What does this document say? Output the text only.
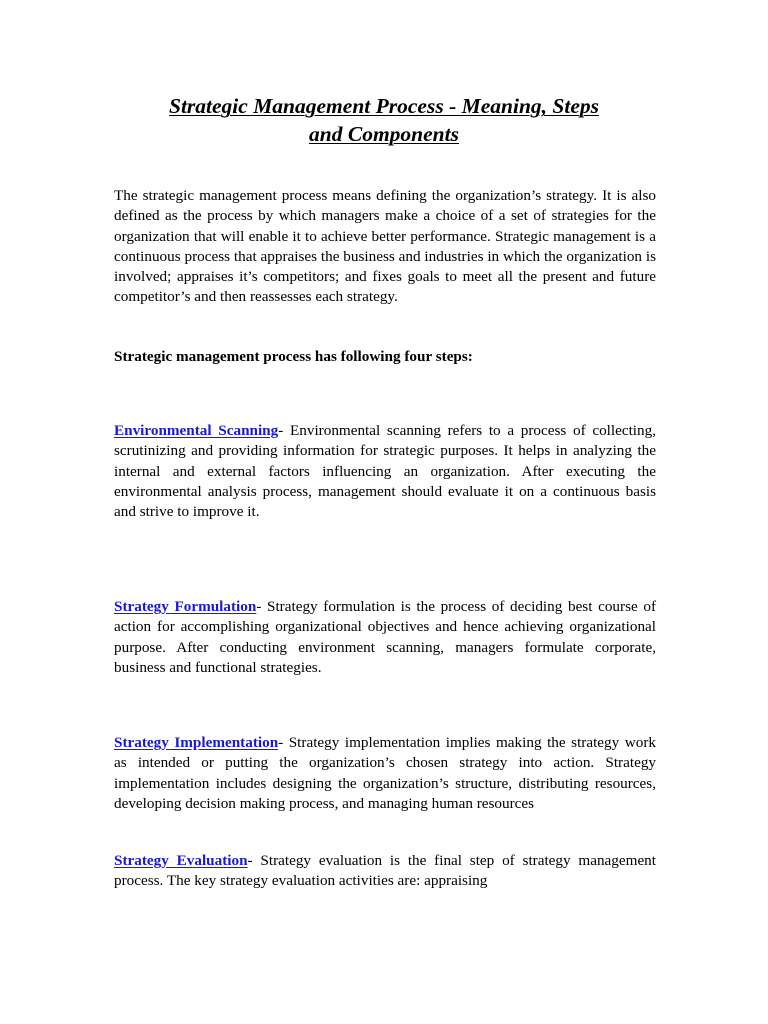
Strategic Management Process - Meaning, Steps
and Components

The strategic management process means defining the organization’s strategy. It is also defined as the process by which managers make a choice of a set of strategies for the organization that will enable it to achieve better performance. Strategic management is a continuous process that appraises the business and industries in which the organization is involved; appraises it’s competitors; and fixes goals to meet all the present and future competitor’s and then reassesses each strategy.

Strategic management process has following four steps:

Environmental Scanning- Environmental scanning refers to a process of collecting, scrutinizing and providing information for strategic purposes. It helps in analyzing the internal and external factors influencing an organization. After executing the environmental analysis process, management should evaluate it on a continuous basis and strive to improve it.

Strategy Formulation- Strategy formulation is the process of deciding best course of action for accomplishing organizational objectives and hence achieving organizational purpose. After conducting environment scanning, managers formulate corporate, business and functional strategies.

Strategy Implementation- Strategy implementation implies making the strategy work as intended or putting the organization’s chosen strategy into action. Strategy implementation includes designing the organization’s structure, distributing resources, developing decision making process, and managing human resources

Strategy Evaluation- Strategy evaluation is the final step of strategy management process. The key strategy evaluation activities are: appraising
